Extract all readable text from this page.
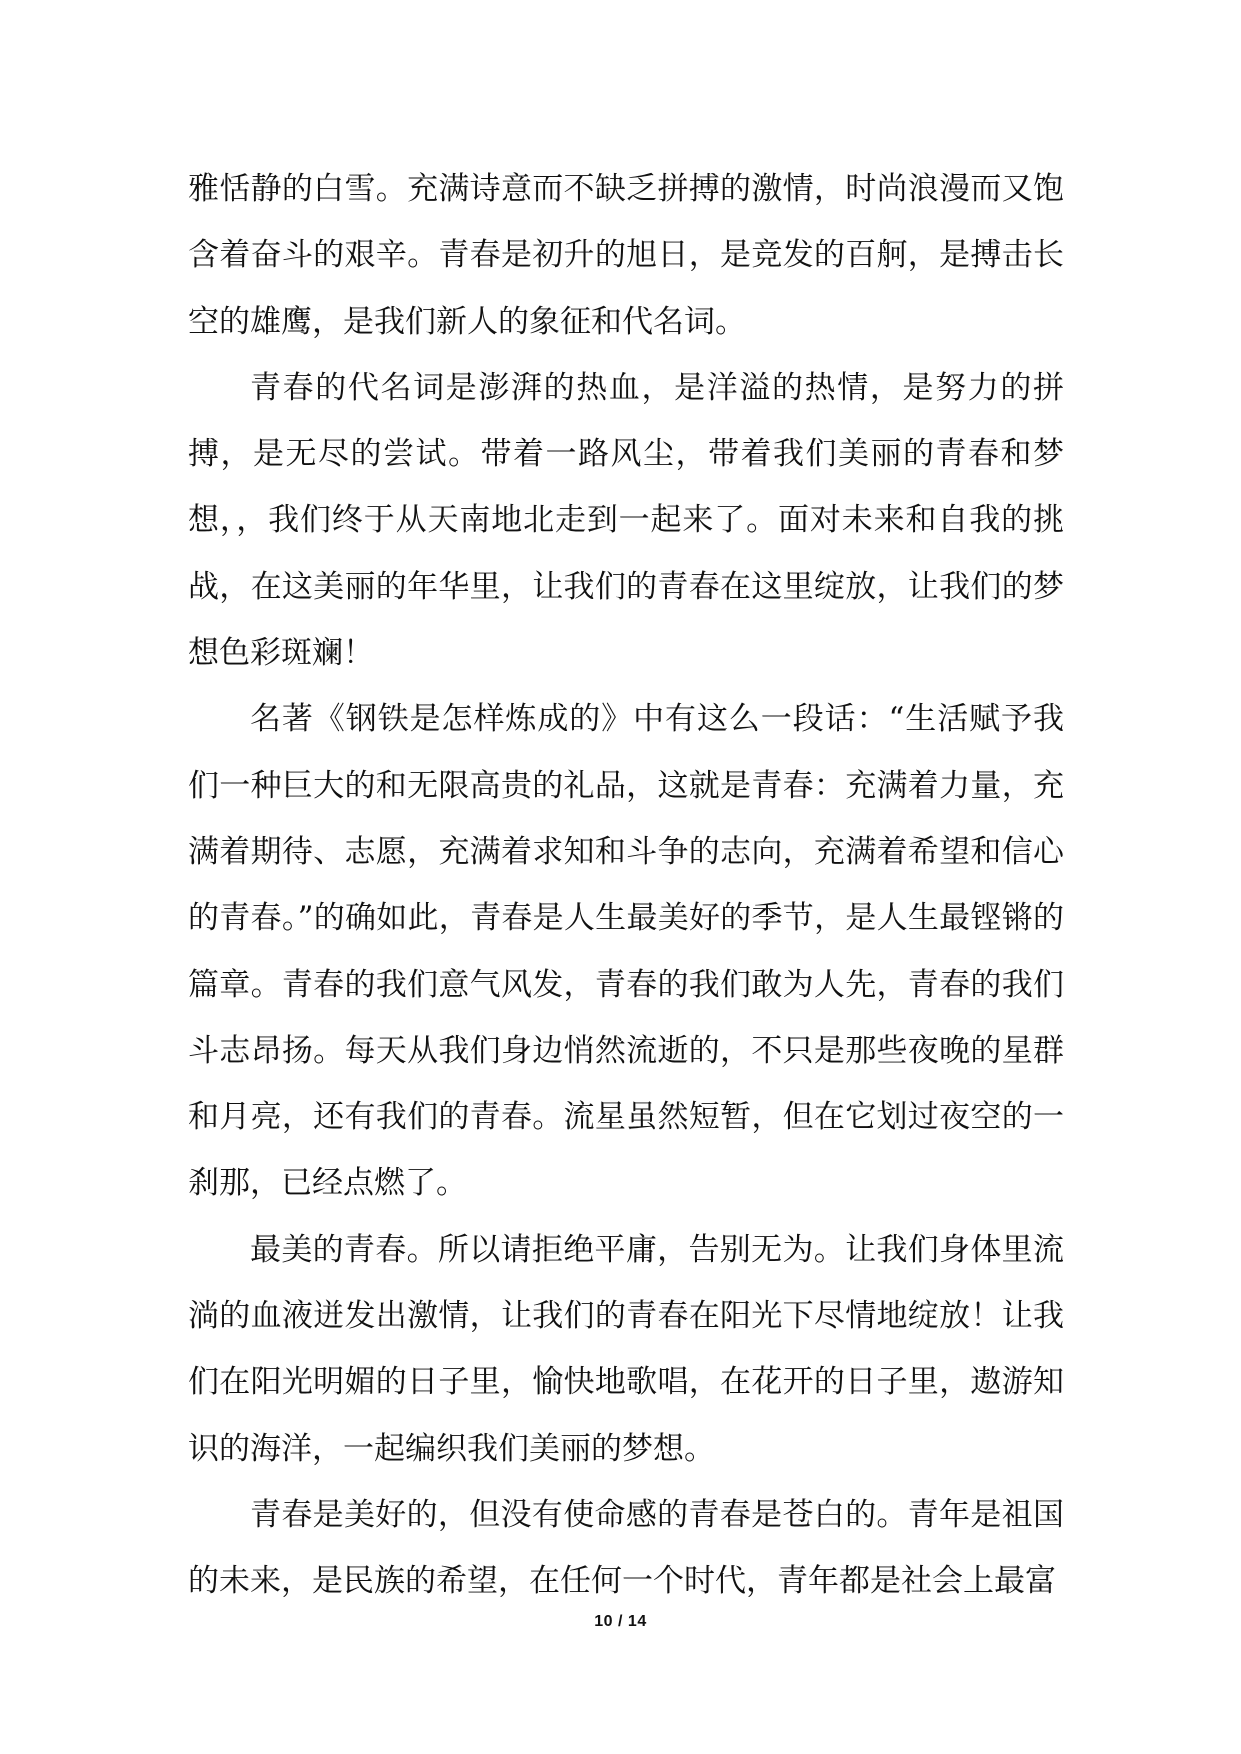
雅恬静的白雪。充满诗意而不缺乏拼搏的激情，时尚浪漫而又饱含着奋斗的艰辛。青春是初升的旭日，是竞发的百舸，是搏击长空的雄鹰，是我们新人的象征和代名词。

青春的代名词是澎湃的热血，是洋溢的热情，是努力的拼搏，是无尽的尝试。带着一路风尘，带着我们美丽的青春和梦想，，我们终于从天南地北走到一起来了。面对未来和自我的挑战，在这美丽的年华里，让我们的青春在这里绽放，让我们的梦想色彩斑斓！

名著《钢铁是怎样炼成的》中有这么一段话：“生活赋予我们一种巨大的和无限高贵的礼品，这就是青春：充满着力量，充满着期待、志愿，充满着求知和斗争的志向，充满着希望和信心的青春。”的确如此，青春是人生最美好的季节，是人生最铿锵的篇章。青春的我们意气风发，青春的我们敢为人先，青春的我们斗志昂扬。每天从我们身边悄然流逝的，不只是那些夜晚的星群和月亮，还有我们的青春。流星虽然短暂，但在它划过夜空的一刹那，已经点燃了。

最美的青春。所以请拒绝平庸，告别无为。让我们身体里流淌的血液迸发出激情，让我们的青春在阳光下尽情地绽放！让我们在阳光明媚的日子里，愉快地歌唱，在花开的日子里，遨游知识的海洋，一起编织我们美丽的梦想。

青春是美好的，但没有使命感的青春是苍白的。青年是祖国的未来，是民族的希望，在任何一个时代，青年都是社会上最富

10 / 14
